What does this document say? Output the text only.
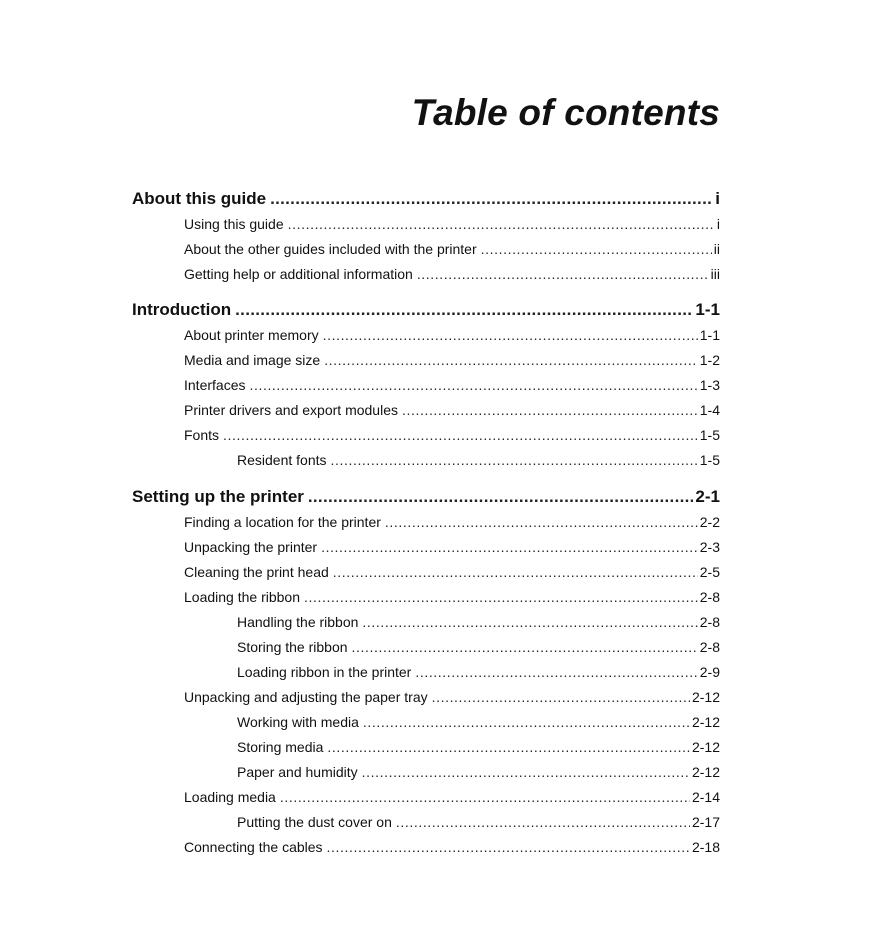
Table of contents
About this guide .....	i
Using this guide .....	i
About the other guides included with the printer .....	ii
Getting help or additional information .....	iii
Introduction .....	1-1
About printer memory .....	1-1
Media and image size .....	1-2
Interfaces .....	1-3
Printer drivers and export modules .....	1-4
Fonts .....	1-5
Resident fonts .....	1-5
Setting up the printer .....	2-1
Finding a location for the printer .....	2-2
Unpacking the printer .....	2-3
Cleaning the print head .....	2-5
Loading the ribbon .....	2-8
Handling the ribbon .....	2-8
Storing the ribbon .....	2-8
Loading ribbon in the printer .....	2-9
Unpacking and adjusting the paper tray .....	2-12
Working with media .....	2-12
Storing media .....	2-12
Paper and humidity .....	2-12
Loading media .....	2-14
Putting the dust cover on .....	2-17
Connecting the cables .....	2-18
